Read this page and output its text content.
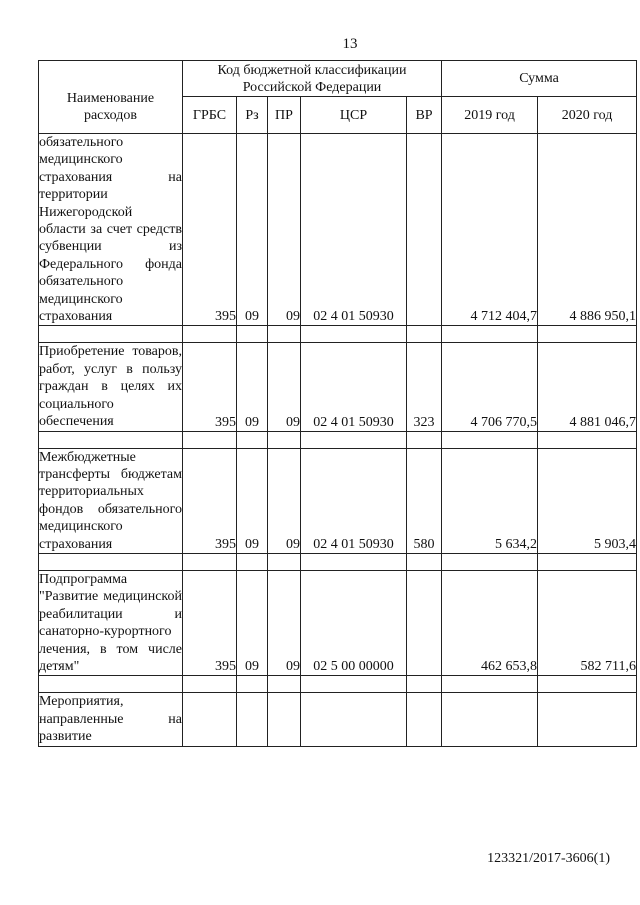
13
Наименование расходов	Код бюджетной классификации Российской Федерации					Сумма	
	ГРБС	Рз	ПР	ЦСР	ВР	2019 год	2020 год
обязательного медицинского страхования на территории Нижегородской области за счет средств субвенции из Федерального фонда обязательного медицинского страхования	395	09	09	02 4 01 50930		4 712 404,7	4 886 950,1

Приобретение товаров, работ, услуг в пользу граждан в целях их социального обеспечения	395	09	09	02 4 01 50930	323	4 706 770,5	4 881 046,7

Межбюджетные трансферты бюджетам территориальных фондов обязательного медицинского страхования	395	09	09	02 4 01 50930	580	5 634,2	5 903,4

Подпрограмма "Развитие медицинской реабилитации и санаторно-курортного лечения, в том числе детям"	395	09	09	02 5 00 00000		462 653,8	582 711,6

Мероприятия, направленные на развитие							
123321/2017-3606(1)
